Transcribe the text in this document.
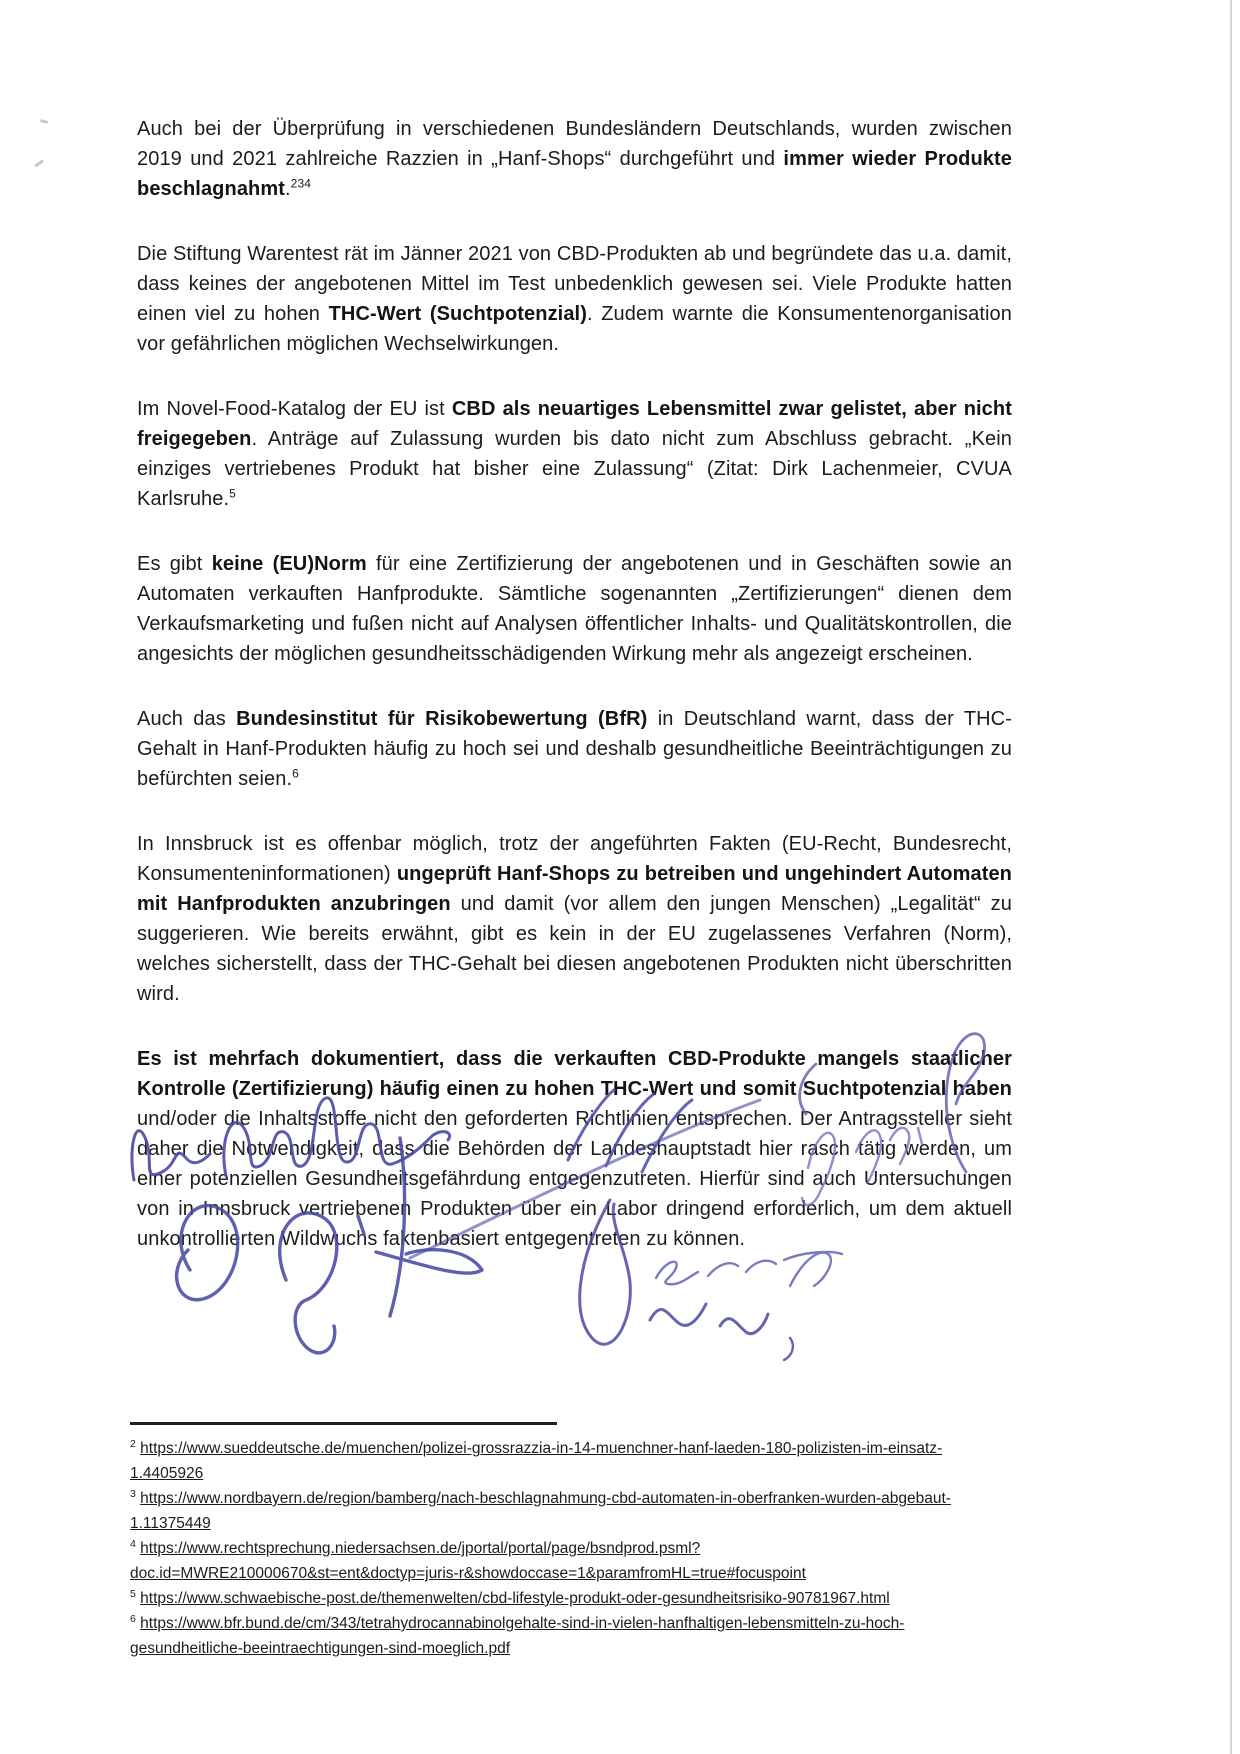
Auch bei der Überprüfung in verschiedenen Bundesländern Deutschlands, wurden zwischen 2019 und 2021 zahlreiche Razzien in „Hanf-Shops“ durchgeführt und immer wieder Produkte beschlagnahmt.$^{234}$

Die Stiftung Warentest rät im Jänner 2021 von CBD-Produkten ab und begründete das u.a. damit, dass keines der angebotenen Mittel im Test unbedenklich gewesen sei. Viele Produkte hatten einen viel zu hohen THC-Wert (Suchtpotenzial). Zudem warnte die Konsumentenorganisation vor gefährlichen möglichen Wechselwirkungen.

Im Novel-Food-Katalog der EU ist CBD als neuartiges Lebensmittel zwar gelistet, aber nicht freigegeben. Anträge auf Zulassung wurden bis dato nicht zum Abschluss gebracht. „Kein einziges vertriebenes Produkt hat bisher eine Zulassung“ (Zitat: Dirk Lachenmeier, CVUA Karlsruhe.$^5$

Es gibt keine (EU)Norm für eine Zertifizierung der angebotenen und in Geschäften sowie an Automaten verkauften Hanfprodukte. Sämtliche sogenannten „Zertifizierungen“ dienen dem Verkaufsmarketing und fußen nicht auf Analysen öffentlicher Inhalts- und Qualitätskontrollen, die angesichts der möglichen gesundheitsschädigenden Wirkung mehr als angezeigt erscheinen.

Auch das Bundesinstitut für Risikobewertung (BfR) in Deutschland warnt, dass der THC-Gehalt in Hanf-Produkten häufig zu hoch sei und deshalb gesundheitliche Beeinträchtigungen zu befürchten seien.$^6$

In Innsbruck ist es offenbar möglich, trotz der angeführten Fakten (EU-Recht, Bundesrecht, Konsumenteninformationen) ungeprüft Hanf-Shops zu betreiben und ungehindert Automaten mit Hanfprodukten anzubringen und damit (vor allem den jungen Menschen) „Legalität“ zu suggerieren. Wie bereits erwähnt, gibt es kein in der EU zugelassenes Verfahren (Norm), welches sicherstellt, dass der THC-Gehalt bei diesen angebotenen Produkten nicht überschritten wird.

Es ist mehrfach dokumentiert, dass die verkauften CBD-Produkte mangels staatlicher Kontrolle (Zertifizierung) häufig einen zu hohen THC-Wert und somit Suchtpotenzial haben und/oder die Inhaltsstoffe nicht den geforderten Richtlinien entsprechen. Der Antragssteller sieht daher die Notwendigkeit, dass die Behörden der Landeshauptstadt hier rasch tätig werden, um einer potenziellen Gesundheitsgefährdung entgegenzutreten. Hierfür sind auch Untersuchungen von in Innsbruck vertriebenen Produkten über ein Labor dringend erforderlich, um dem aktuell unkontrollierten Wildwuchs faktenbasiert entgegentreten zu können.

$^2$ https://www.sueddeutsche.de/muenchen/polizei-grossrazzia-in-14-muenchner-hanf-laeden-180-polizisten-im-einsatz-1.4405926
$^3$ https://www.nordbayern.de/region/bamberg/nach-beschlagnahmung-cbd-automaten-in-oberfranken-wurden-abgebaut-1.11375449
$^4$ https://www.rechtsprechung.niedersachsen.de/jportal/portal/page/bsndprod.psml?doc.id=MWRE210000670&st=ent&doctyp=juris-r&showdoccase=1&paramfromHL=true#focuspoint
$^5$ https://www.schwaebische-post.de/themenwelten/cbd-lifestyle-produkt-oder-gesundheitsrisiko-90781967.html
$^6$ https://www.bfr.bund.de/cm/343/tetrahydrocannabinolgehalte-sind-in-vielen-hanfhaltigen-lebensmitteln-zu-hoch-gesundheitliche-beeintraechtigungen-sind-moeglich.pdf
